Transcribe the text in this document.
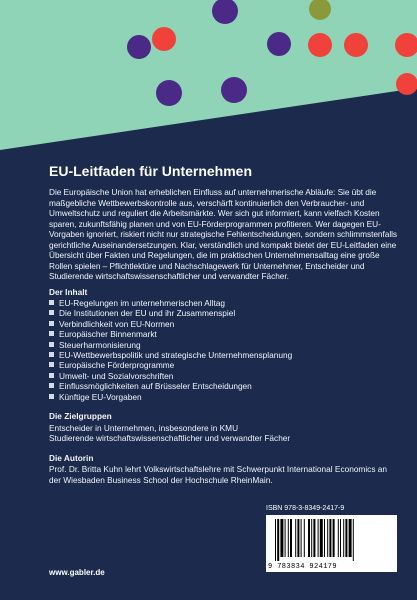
EU-Leitfaden für Unternehmen

Die Europäische Union hat erheblichen Einfluss auf unternehmerische Abläufe: Sie übt die maßgebliche Wettbewerbskontrolle aus, verschärft kontinuierlich den Verbraucher- und Umweltschutz und reguliert die Arbeitsmärkte. Wer sich gut informiert, kann vielfach Kosten sparen, zukunftsfähig planen und von EU-Förderprogrammen profitieren. Wer dagegen EU-Vorgaben ignoriert, riskiert nicht nur strategische Fehlentscheidungen, sondern schlimmstenfalls gerichtliche Auseinandersetzungen. Klar, verständlich und kompakt bietet der EU-Leitfaden eine Übersicht über Fakten und Regelungen, die im praktischen Unternehmensalltag eine große Rollen spielen – Pflichtlektüre und Nachschlagewerk für Unternehmer, Entscheider und Studierende wirtschaftswissenschaftlicher und verwandter Fächer.

Der Inhalt
EU-Regelungen im unternehmerischen Alltag
Die Institutionen der EU und ihr Zusammenspiel
Verbindlichkeit von EU-Normen
Europäischer Binnenmarkt
Steuerharmonisierung
EU-Wettbewerbspolitik und strategische Unternehmensplanung
Europäische Förderprogramme
Umwelt- und Sozialvorschriften
Einflussmöglichkeiten auf Brüsseler Entscheidungen
Künftige EU-Vorgaben
Die Zielgruppen

Entscheider in Unternehmen, insbesondere in KMU

Studierende wirtschaftswissenschaftlicher und verwandter Fächer

Die Autorin

Prof. Dr. Britta Kuhn lehrt Volkswirtschaftslehre mit Schwerpunkt International Economics an der Wiesbaden Business School der Hochschule RheinMain.

ISBN 978-3-8349-2417-9

9 783834 924179
www.gabler.de
